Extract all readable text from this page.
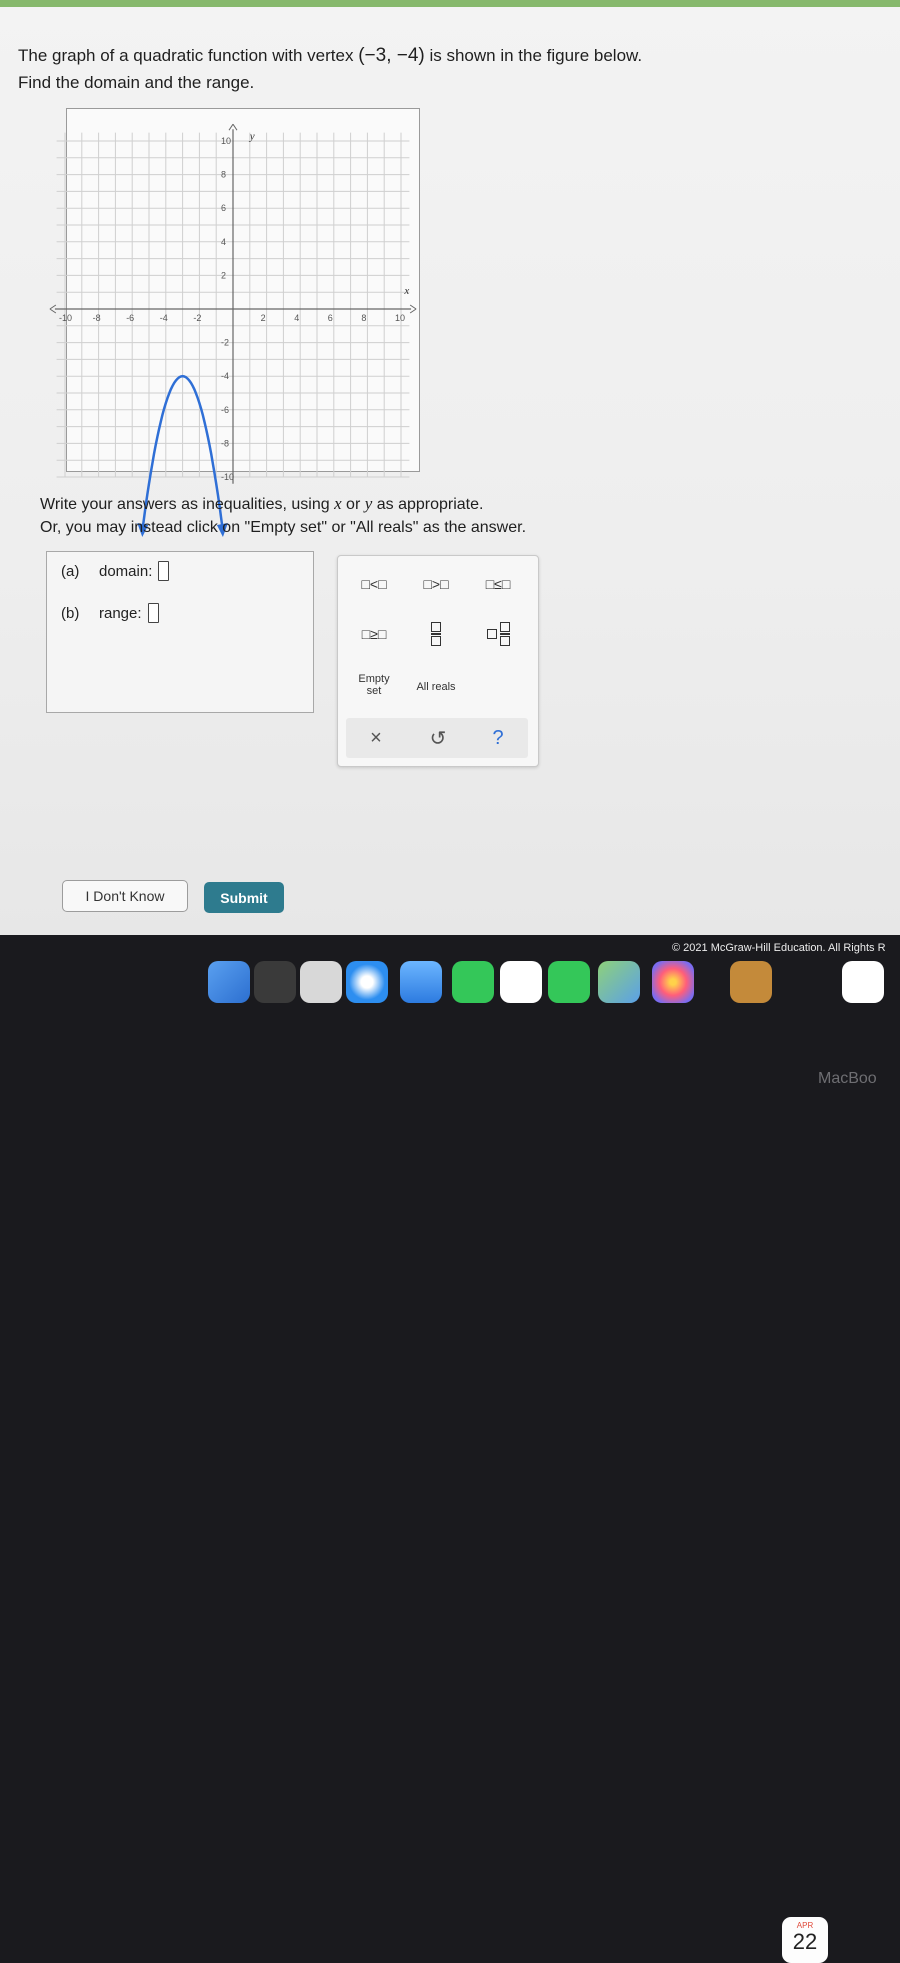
The graph of a quadratic function with vertex (−3, −4) is shown in the figure below.
Find the domain and the range.
y
x
-10 -8	-6	-4	-2	2	4	6	8	10
10
8
6
4
2
-2
-4
-6
-8
-10
Write your answers as inequalities, using x or y as appropriate.
Or, you may instead click on "Empty set" or "All reals" as the answer.
(a)	domain:
(b)	range:
□<□	□>□	□≤□
□≥□
Empty
set	All reals
×	↺	?
I Don't Know	Submit
© 2021 McGraw-Hill Education. All Rights R
APR
22
MacBoo
